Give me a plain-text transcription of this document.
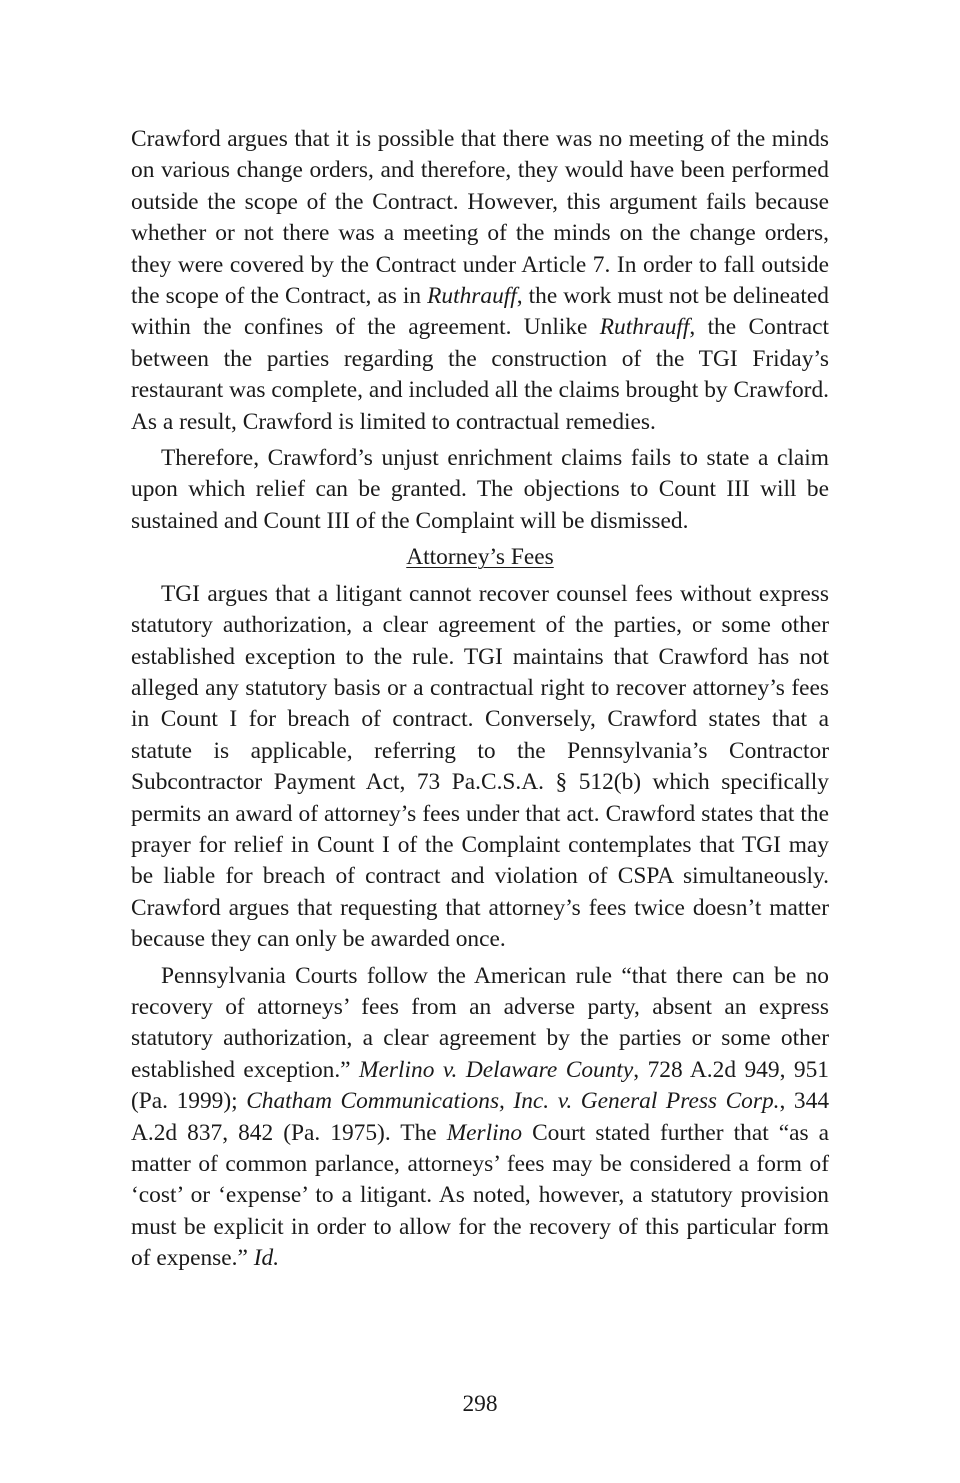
Crawford argues that it is possible that there was no meeting of the minds on various change orders, and therefore, they would have been performed outside the scope of the Contract. However, this argument fails because whether or not there was a meeting of the minds on the change orders, they were covered by the Contract under Article 7. In order to fall outside the scope of the Contract, as in Ruthrauff, the work must not be delineated within the confines of the agreement. Unlike Ruthrauff, the Contract between the parties regarding the construction of the TGI Friday’s restaurant was complete, and included all the claims brought by Crawford. As a result, Crawford is limited to contractual remedies.

Therefore, Crawford’s unjust enrichment claims fails to state a claim upon which relief can be granted. The objections to Count III will be sustained and Count III of the Complaint will be dismissed.

Attorney’s Fees

TGI argues that a litigant cannot recover counsel fees without express statutory authorization, a clear agreement of the parties, or some other established exception to the rule. TGI maintains that Crawford has not alleged any statutory basis or a contractual right to recover attorney’s fees in Count I for breach of contract. Conversely, Crawford states that a statute is applicable, referring to the Pennsylvania’s Contractor Subcontractor Payment Act, 73 Pa.C.S.A. § 512(b) which specifically permits an award of attorney’s fees under that act. Crawford states that the prayer for relief in Count I of the Complaint contemplates that TGI may be liable for breach of contract and violation of CSPA simultaneously. Crawford argues that requesting that attorney’s fees twice doesn’t matter because they can only be awarded once.

Pennsylvania Courts follow the American rule “that there can be no recovery of attorneys’ fees from an adverse party, absent an express statutory authorization, a clear agreement by the parties or some other established exception.” Merlino v. Delaware County, 728 A.2d 949, 951 (Pa. 1999); Chatham Communications, Inc. v. General Press Corp., 344 A.2d 837, 842 (Pa. 1975). The Merlino Court stated further that “as a matter of common parlance, attorneys’ fees may be considered a form of ‘cost’ or ‘expense’ to a litigant. As noted, however, a statutory provision must be explicit in order to allow for the recovery of this particular form of expense.” Id.

298
